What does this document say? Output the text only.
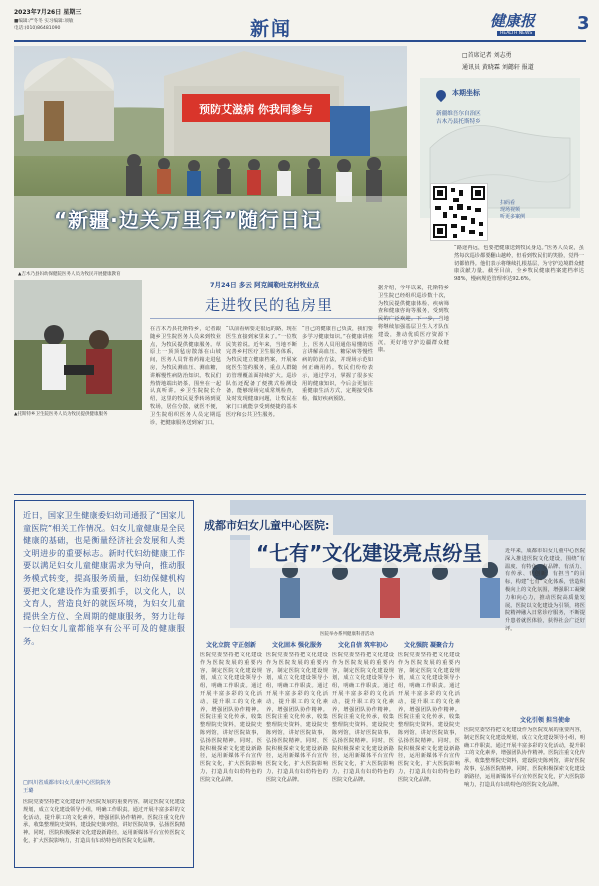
2023年7月26日 星期三
■编辑:严冬冬 实习编辑:项敏
电话:(010)86481090	新闻	健康报
HEALTH NEWS 3
预防艾滋病 你我同参与
“新疆·边关万里行”随行日记
▲吉木乃县妇幼保健院医务人员为牧民开展健康教育
□首席记者 刘志勇
通讯员 黄晓霖 刘懿轩 报道
本期坐标
新疆维吾尔自治区
吉木乃县托斯特乡
扫码看
现场视频
听更多案例
▲托斯特乡卫生院医务人员为牧民提供健康服务
7月24日 多云 阿克阔勒吐克村牧业点
走进牧民的毡房里
在吉木乃县托斯特乡，记者跟随乡卫生院医务人员来到牧业点，为牧民提供健康服务。草原上一顶顶毡房散落在山坡间，医务人员背着药箱走进毡房，为牧民测血压、测血糖，讲解慢性病防治知识。牧民们热情地端出奶茶，围坐在一起认真听讲。乡卫生院院长介绍，这里的牧民夏季转场到夏牧场，居住分散，就医不便，卫生院组织医务人员定期巡诊，把健康服务送到家门口。
“以前看病要走很远的路，现在医生直接到家里来了。”一位牧民笑着说。近年来，当地不断完善乡村医疗卫生服务体系，为牧民建立健康档案，开展家庭医生签约服务，重点人群随访管理覆盖面持续扩大。巡诊队伍还配备了便携式检测设备，能够现场完成常规检查，及时发现健康问题，让牧民在家门口就能享受到便捷的基本医疗和公共卫生服务。
“自己的健康自己负责，我们要多学习健康知识。”在健康讲座上，医务人员用通俗易懂的语言讲解高血压、糖尿病等慢性病的防治方法，并现场示范如何正确用药。牧民们纷纷表示，通过学习，掌握了很多实用的健康知识，今后会更加注重健康生活方式，定期接受体检，做好疾病预防。
据介绍，今年以来，托斯特乡卫生院已经组织巡诊数十次，为牧民提供健康体检、疾病筛查和健康咨询等服务，受到牧民的广泛欢迎。下一步，当地将继续加强基层卫生人才队伍建设，推动优质医疗资源下沉，更好地守护边疆群众健康。
“路途再远，也要把健康送到牧民身边。”医务人员说，虽然每次巡诊都要翻山越岭，但看到牧民们的笑脸，觉得一切都值得。他们表示将继续扎根基层，为守护边境群众健康贡献力量。截至目前，全乡牧民健康档案建档率达98%，慢病规范管理率达92.6%。
近日，国家卫生健康委妇幼司通报了“国家儿童医院”相关工作情况。妇女儿童健康是全民健康的基础，也是衡量经济社会发展和人类文明进步的重要标志。新时代妇幼健康工作要以满足妇女儿童健康需求为导向，推动服务模式转变，提高服务质量，妇幼保健机构要把文化建设作为重要抓手，以文化人，以文育人，营造良好的就医环境，为妇女儿童提供全方位、全周期的健康服务，努力让每一位妇女儿童都能享有公平可及的健康服务。
□四川省成都市妇女儿童中心医院院务
王璐
医院党委坚持把文化建设作为医院发展的重要内容，制定医院文化建设规划，成立文化建设领导小组，明确工作职责。通过开展丰富多彩的文化活动，提升职工的文化素养，增强团队协作精神。医院注重文化传承，收集整理院史资料，建设院史陈列馆，讲好医院故事，弘扬医院精神。同时，医院积极探索文化建设新路径，运用新媒体平台宣传医院文化，扩大医院影响力，打造具有妇幼特色的医院文化品牌。
成都市妇女儿童中心医院:
“七有”文化建设亮点纷呈	近年来，成都市妇女儿童中心医院深入推进医院文化建设，围绕“有温度、有特色、有品牌、有活力、有传承、有创新、有担当”的目标，构建“七有”文化体系，营造积极向上的文化氛围，增强职工凝聚力和向心力，推动医院高质量发展。医院以文化建设为引领，将医院精神融入日常诊疗服务，不断提升患者就医体验，获得社会广泛好评。
医院举办系列健康科普活动
文化立院 守正创新
医院党委坚持把文化建设作为医院发展的重要内容，制定医院文化建设规划，成立文化建设领导小组，明确工作职责。通过开展丰富多彩的文化活动，提升职工的文化素养，增强团队协作精神。医院注重文化传承，收集整理院史资料，建设院史陈列馆，讲好医院故事，弘扬医院精神。同时，医院积极探索文化建设新路径，运用新媒体平台宣传医院文化，扩大医院影响力，打造具有妇幼特色的医院文化品牌。
文化固本 强化服务
医院党委坚持把文化建设作为医院发展的重要内容，制定医院文化建设规划，成立文化建设领导小组，明确工作职责。通过开展丰富多彩的文化活动，提升职工的文化素养，增强团队协作精神。医院注重文化传承，收集整理院史资料，建设院史陈列馆，讲好医院故事，弘扬医院精神。同时，医院积极探索文化建设新路径，运用新媒体平台宣传医院文化，扩大医院影响力，打造具有妇幼特色的医院文化品牌。
文化自信 筑牢初心
医院党委坚持把文化建设作为医院发展的重要内容，制定医院文化建设规划，成立文化建设领导小组，明确工作职责。通过开展丰富多彩的文化活动，提升职工的文化素养，增强团队协作精神。医院注重文化传承，收集整理院史资料，建设院史陈列馆，讲好医院故事，弘扬医院精神。同时，医院积极探索文化建设新路径，运用新媒体平台宣传医院文化，扩大医院影响力，打造具有妇幼特色的医院文化品牌。
文化强院 凝聚合力
医院党委坚持把文化建设作为医院发展的重要内容，制定医院文化建设规划，成立文化建设领导小组，明确工作职责。通过开展丰富多彩的文化活动，提升职工的文化素养，增强团队协作精神。医院注重文化传承，收集整理院史资料，建设院史陈列馆，讲好医院故事，弘扬医院精神。同时，医院积极探索文化建设新路径，运用新媒体平台宣传医院文化，扩大医院影响力，打造具有妇幼特色的医院文化品牌。
文化引领 担当使命
医院党委坚持把文化建设作为医院发展的重要内容，制定医院文化建设规划，成立文化建设领导小组，明确工作职责。通过开展丰富多彩的文化活动，提升职工的文化素养，增强团队协作精神。医院注重文化传承，收集整理院史资料，建设院史陈列馆，讲好医院故事，弘扬医院精神。同时，医院积极探索文化建设新路径，运用新媒体平台宣传医院文化，扩大医院影响力，打造具有妇幼特色的医院文化品牌。
